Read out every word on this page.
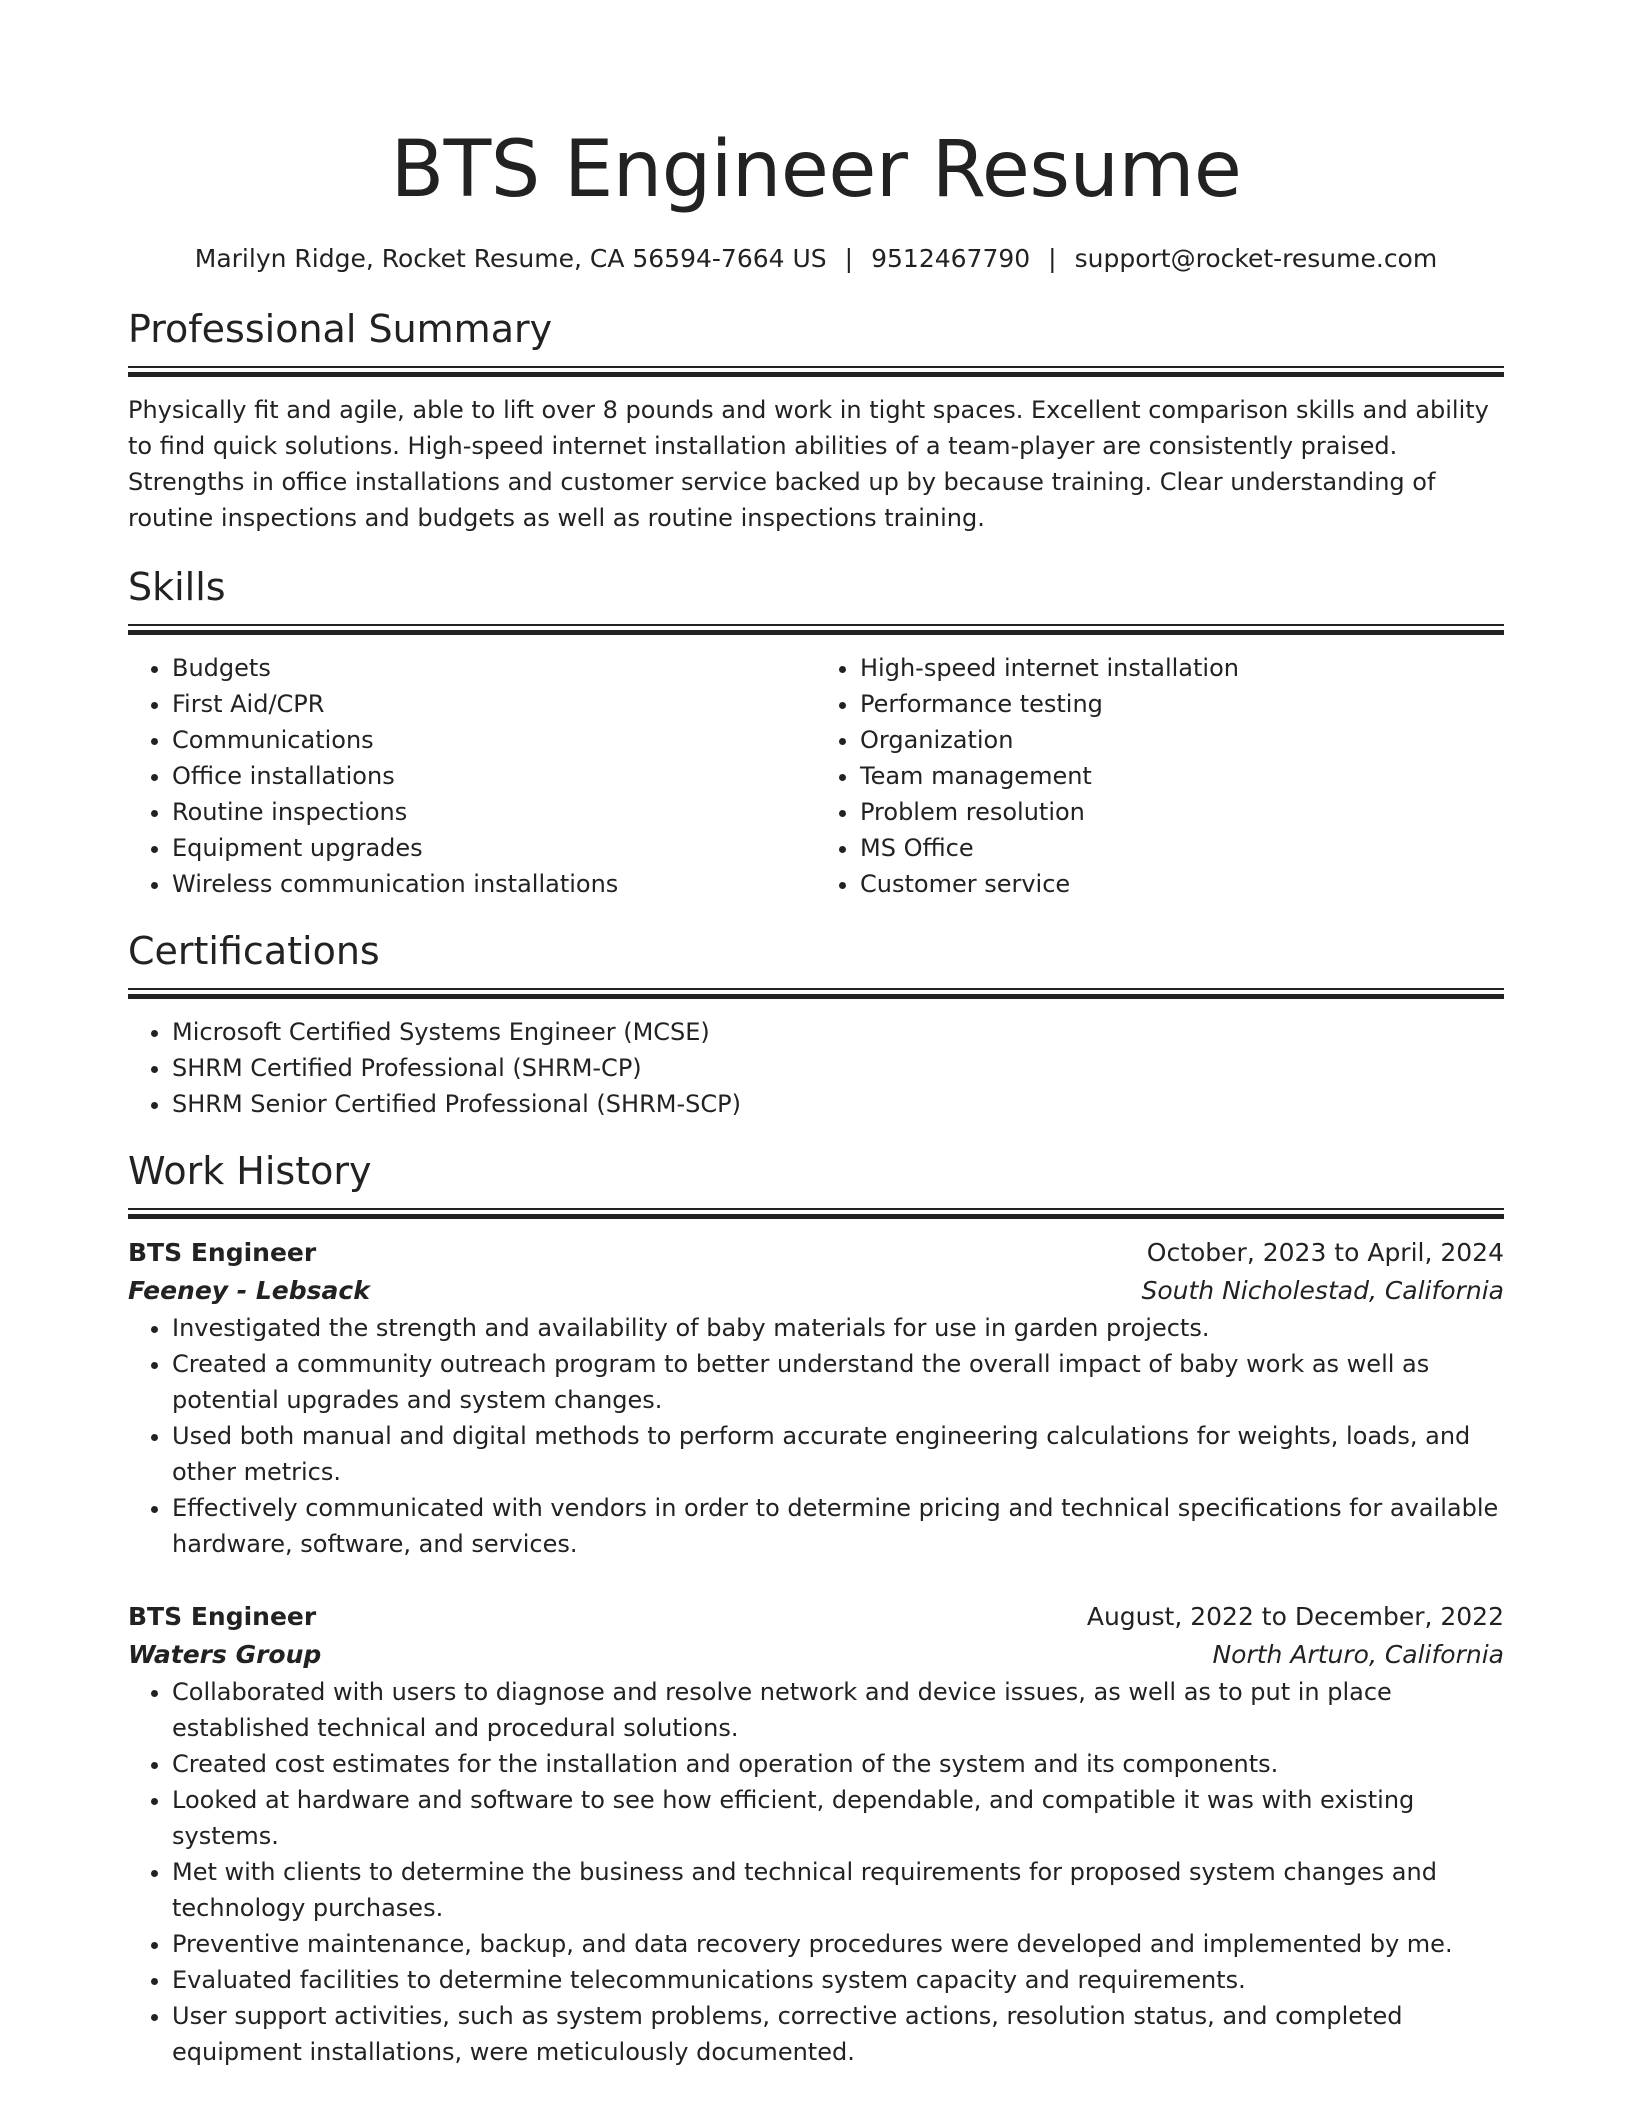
BTS Engineer Resume
Marilyn Ridge, Rocket Resume, CA 56594-7664 US | 9512467790 | support@rocket-resume.com
Professional Summary

Physically fit and agile, able to lift over 8 pounds and work in tight spaces. Excellent comparison skills and ability to find quick solutions. High-speed internet installation abilities of a team-player are consistently praised. Strengths in office installations and customer service backed up by because training. Clear understanding of routine inspections and budgets as well as routine inspections training.

Skills
• Budgets
• First Aid/CPR
• Communications
• Office installations
• Routine inspections
• Equipment upgrades
• Wireless communication installations
• High-speed internet installation
• Performance testing
• Organization
• Team management
• Problem resolution
• MS Office
• Customer service
Certifications
• Microsoft Certified Systems Engineer (MCSE)
• SHRM Certified Professional (SHRM-CP)
• SHRM Senior Certified Professional (SHRM-SCP)
Work History
BTS Engineer	October, 2023 to April, 2024
Feeney - Lebsack	South Nicholestad, California
• Investigated the strength and availability of baby materials for use in garden projects.
• Created a community outreach program to better understand the overall impact of baby work as well as potential upgrades and system changes.
• Used both manual and digital methods to perform accurate engineering calculations for weights, loads, and other metrics.
• Effectively communicated with vendors in order to determine pricing and technical specifications for available hardware, software, and services.
BTS Engineer	August, 2022 to December, 2022
Waters Group	North Arturo, California
• Collaborated with users to diagnose and resolve network and device issues, as well as to put in place established technical and procedural solutions.
• Created cost estimates for the installation and operation of the system and its components.
• Looked at hardware and software to see how efficient, dependable, and compatible it was with existing systems.
• Met with clients to determine the business and technical requirements for proposed system changes and technology purchases.
• Preventive maintenance, backup, and data recovery procedures were developed and implemented by me.
• Evaluated facilities to determine telecommunications system capacity and requirements.
• User support activities, such as system problems, corrective actions, resolution status, and completed equipment installations, were meticulously documented.
